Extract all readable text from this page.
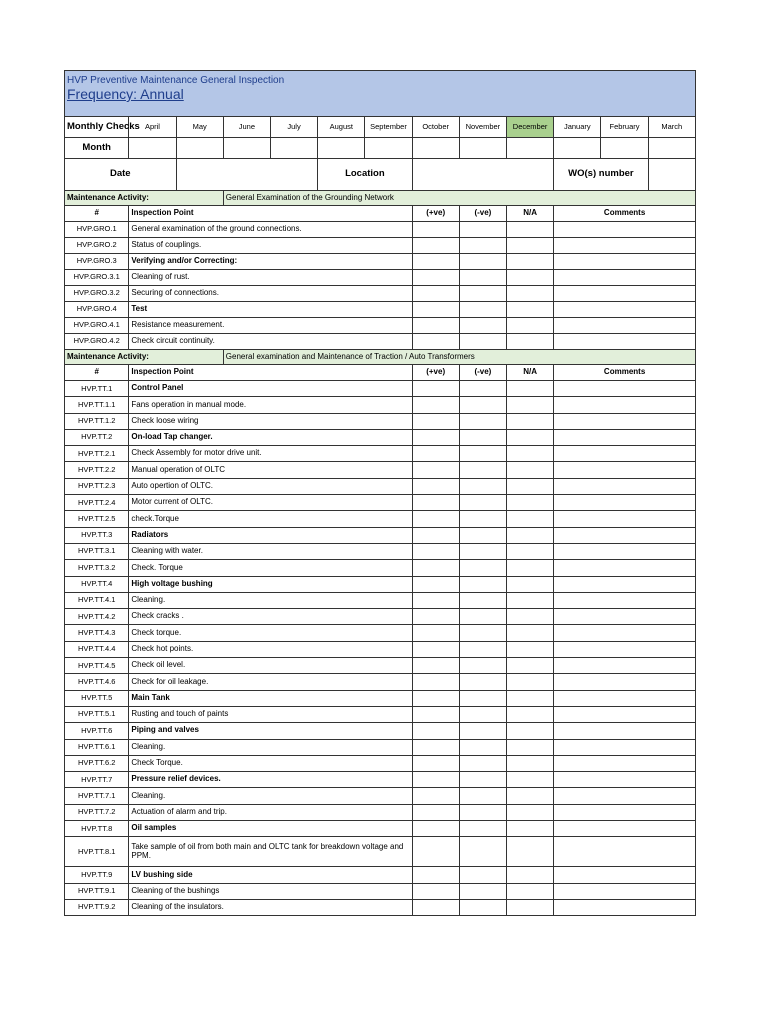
HVP Preventive Maintenance General Inspection
Frequency: Annual												

Monthly Checks	April	May	June	July	August	September	October	November	December	January	February	March
Month												
Date					Location					WO(s) number		
Maintenance Activity:			General Examination of the Grounding Network									
#	Inspection Point						(+ve)	(-ve)	N/A	Comments		
HVP.GRO.1	General examination of the ground connections.											
HVP.GRO.2	Status of couplings.											
HVP.GRO.3	Verifying and/or Correcting:											
HVP.GRO.3.1	Cleaning of rust.											
HVP.GRO.3.2	Securing of connections.											
HVP.GRO.4	Test											
HVP.GRO.4.1	Resistance measurement.											
HVP.GRO.4.2	Check circuit continuity.											
Maintenance Activity:			General examination and Maintenance of Traction / Auto Transformers									
#	Inspection Point						(+ve)	(-ve)	N/A	Comments		
HVP.TT.1	Control Panel											
HVP.TT.1.1	Fans operation in manual mode.											
HVP.TT.1.2	Check loose wiring											
HVP.TT.2	On-load Tap changer.											
HVP.TT.2.1	Check Assembly for motor drive unit.											
HVP.TT.2.2	Manual operation of OLTC											
HVP.TT.2.3	Auto opertion of OLTC.											
HVP.TT.2.4	Motor current of OLTC.											
HVP.TT.2.5	check.Torque											
HVP.TT.3	Radiators											
HVP.TT.3.1	Cleaning with water.											
HVP.TT.3.2	Check. Torque											
HVP.TT.4	High voltage bushing											
HVP.TT.4.1	Cleaning.											
HVP.TT.4.2	Check cracks .											
HVP.TT.4.3	Check torque.											
HVP.TT.4.4	Check hot points.											
HVP.TT.4.5	Check oil level.											
HVP.TT.4.6	Check for oil leakage.											
HVP.TT.5	Main Tank											
HVP.TT.5.1	Rusting and touch of paints											
HVP.TT.6	Piping and valves											
HVP.TT.6.1	Cleaning.											
HVP.TT.6.2	Check Torque.											
HVP.TT.7	Pressure relief devices.											
HVP.TT.7.1	Cleaning.											
HVP.TT.7.2	Actuation of alarm and trip.											
HVP.TT.8	Oil samples											
HVP.TT.8.1	Take sample of oil from both main and OLTC tank for breakdown voltage and PPM.											
HVP.TT.9	LV bushing side											
HVP.TT.9.1	Cleaning of the bushings											
HVP.TT.9.2	Cleaning of the insulators.											
